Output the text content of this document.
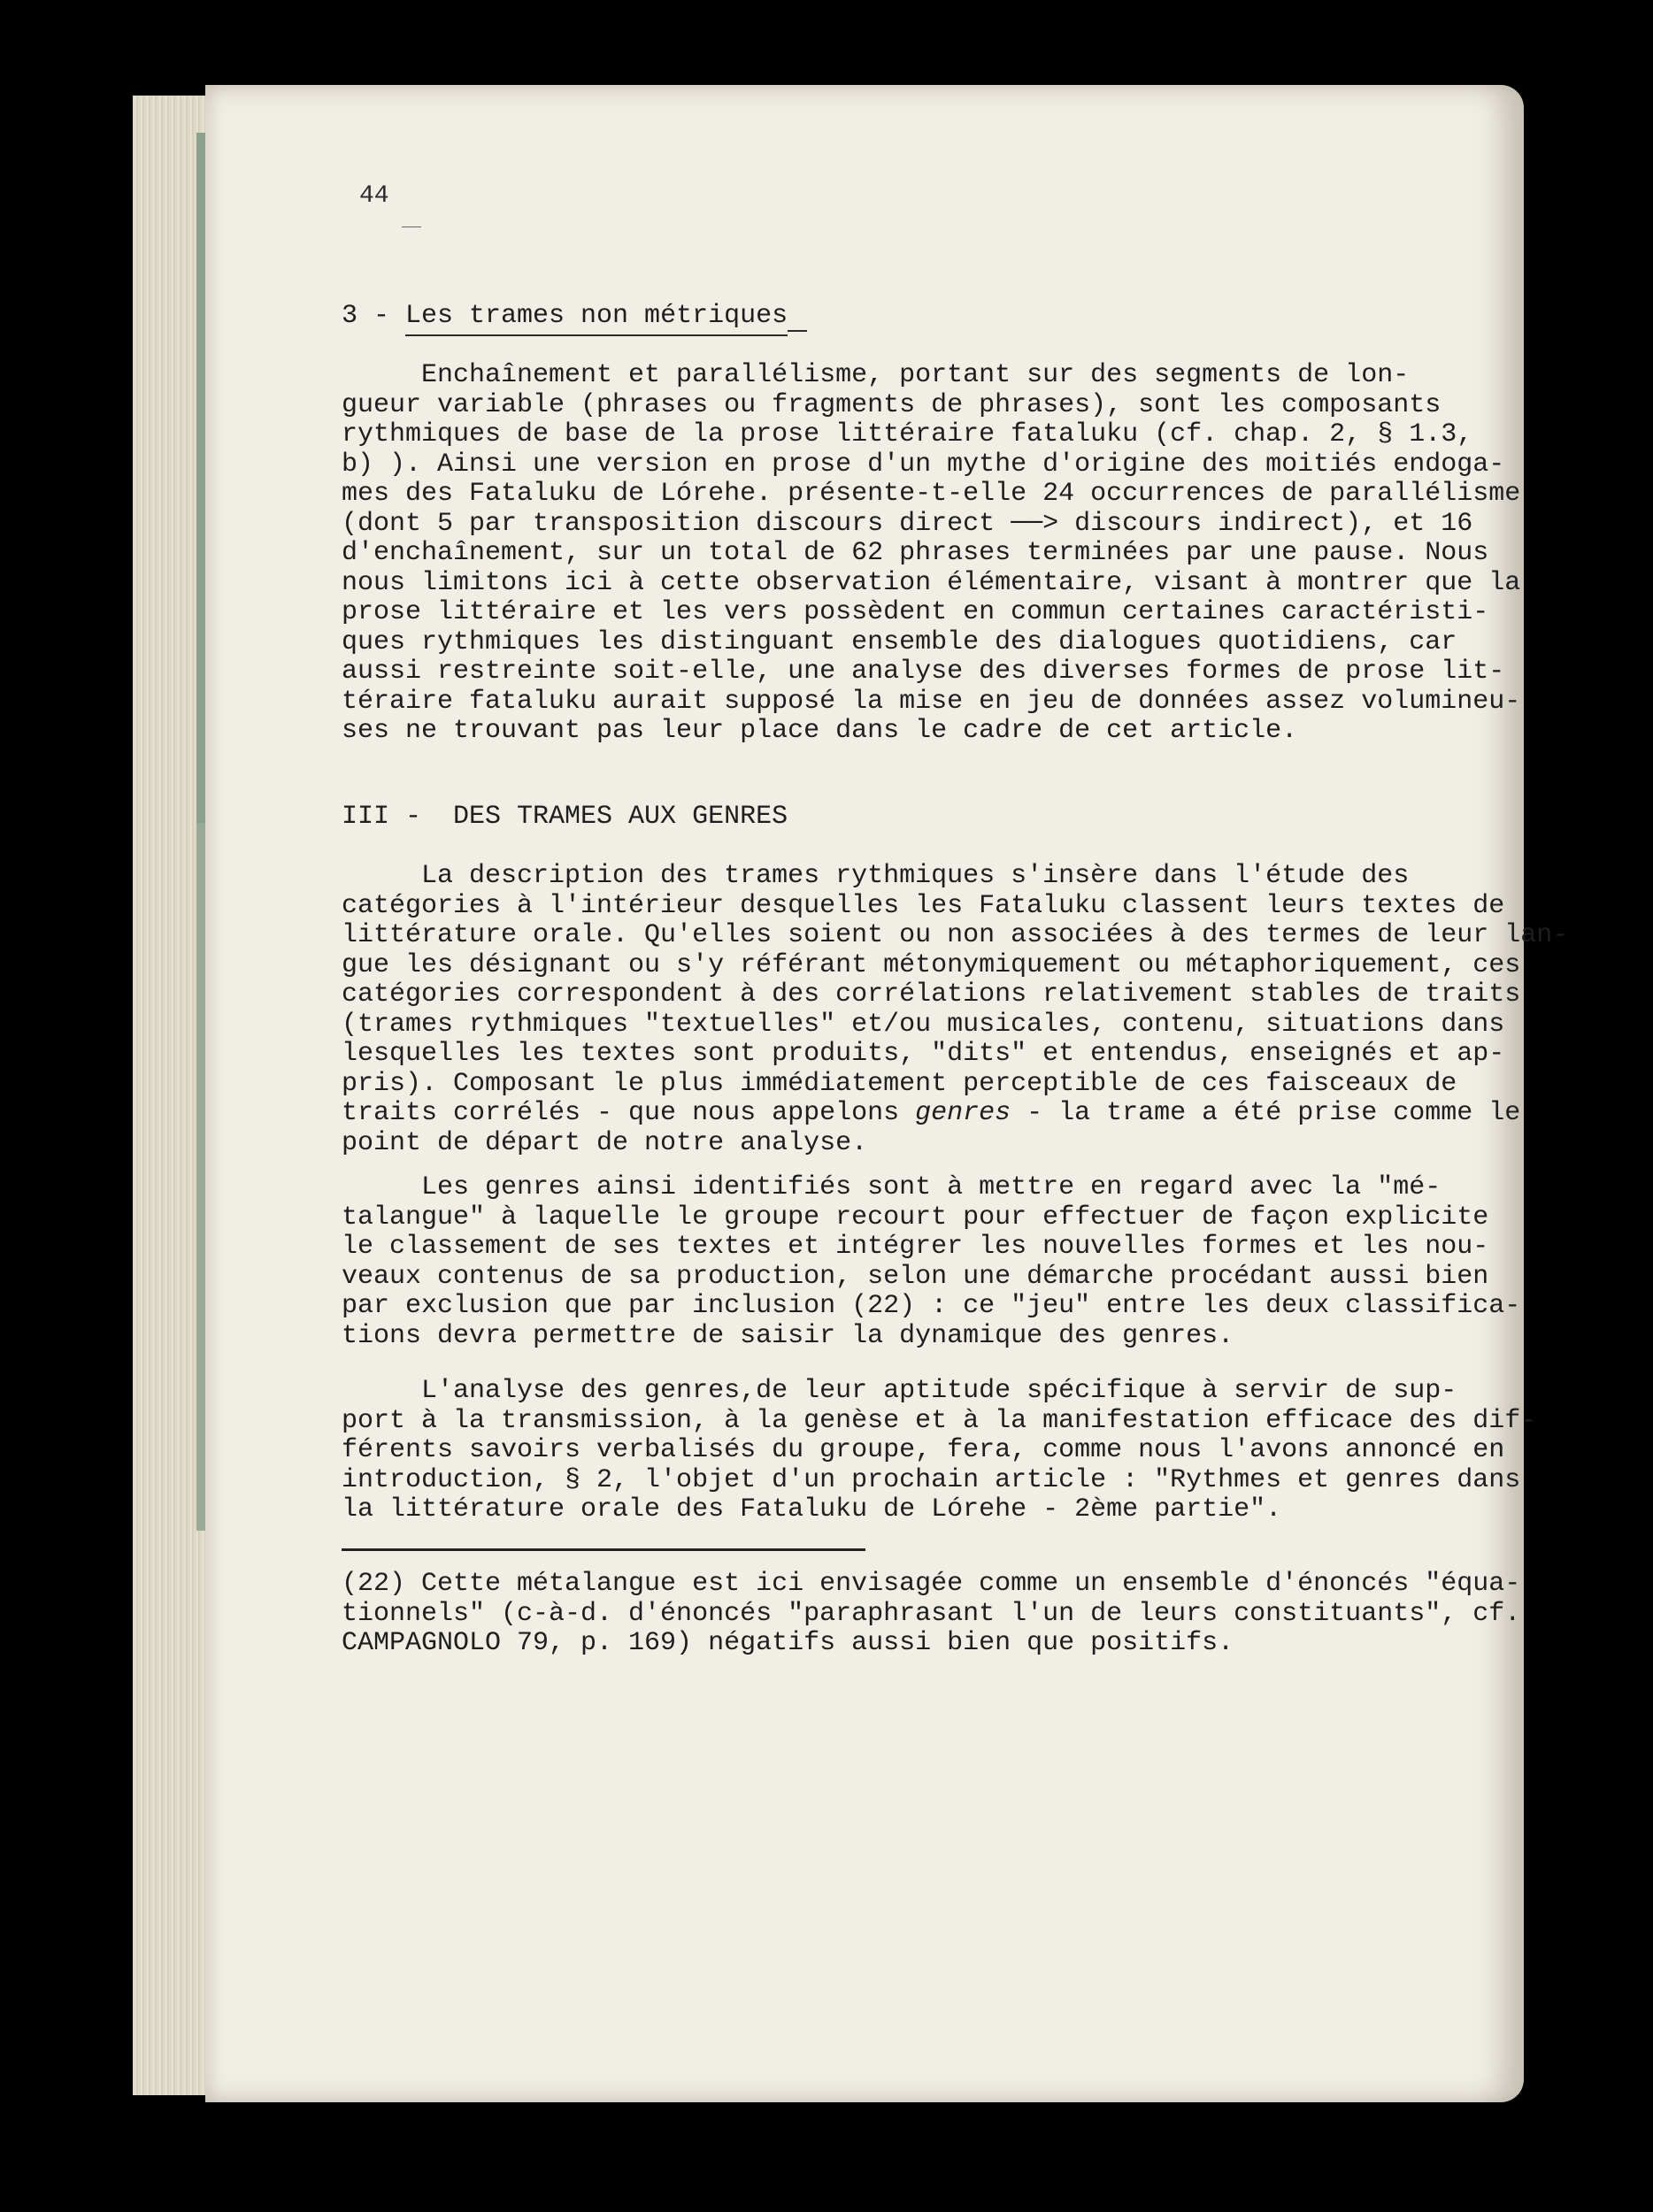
44
3 - Les trames non métriques
Enchaînement et parallélisme, portant sur des segments de lon-
gueur variable (phrases ou fragments de phrases), sont les composants
rythmiques de base de la prose littéraire fataluku (cf. chap. 2, § 1.3,
b) ). Ainsi une version en prose d'un mythe d'origine des moitiés endoga-
mes des Fataluku de Lórehe. présente-t-elle 24 occurrences de parallélisme
(dont 5 par transposition discours direct ──> discours indirect), et 16
d'enchaînement, sur un total de 62 phrases terminées par une pause. Nous
nous limitons ici à cette observation élémentaire, visant à montrer que la
prose littéraire et les vers possèdent en commun certaines caractéristi-
ques rythmiques les distinguant ensemble des dialogues quotidiens, car
aussi restreinte soit-elle, une analyse des diverses formes de prose lit-
téraire fataluku aurait supposé la mise en jeu de données assez volumineu-
ses ne trouvant pas leur place dans le cadre de cet article.
III -  DES TRAMES AUX GENRES
La description des trames rythmiques s'insère dans l'étude des
catégories à l'intérieur desquelles les Fataluku classent leurs textes de
littérature orale. Qu'elles soient ou non associées à des termes de leur lan-
gue les désignant ou s'y référant métonymiquement ou métaphoriquement, ces
catégories correspondent à des corrélations relativement stables de traits
(trames rythmiques "textuelles" et/ou musicales, contenu, situations dans
lesquelles les textes sont produits, "dits" et entendus, enseignés et ap-
pris). Composant le plus immédiatement perceptible de ces faisceaux de
traits corrélés - que nous appelons genres - la trame a été prise comme le
point de départ de notre analyse.
Les genres ainsi identifiés sont à mettre en regard avec la "mé-
talangue" à laquelle le groupe recourt pour effectuer de façon explicite
le classement de ses textes et intégrer les nouvelles formes et les nou-
veaux contenus de sa production, selon une démarche procédant aussi bien
par exclusion que par inclusion (22) : ce "jeu" entre les deux classifica-
tions devra permettre de saisir la dynamique des genres.
L'analyse des genres,de leur aptitude spécifique à servir de sup-
port à la transmission, à la genèse et à la manifestation efficace des dif-
férents savoirs verbalisés du groupe, fera, comme nous l'avons annoncé en
introduction, § 2, l'objet d'un prochain article : "Rythmes et genres dans
la littérature orale des Fataluku de Lórehe - 2ème partie".
(22) Cette métalangue est ici envisagée comme un ensemble d'énoncés "équa-
tionnels" (c-à-d. d'énoncés "paraphrasant l'un de leurs constituants", cf.
CAMPAGNOLO 79, p. 169) négatifs aussi bien que positifs.
